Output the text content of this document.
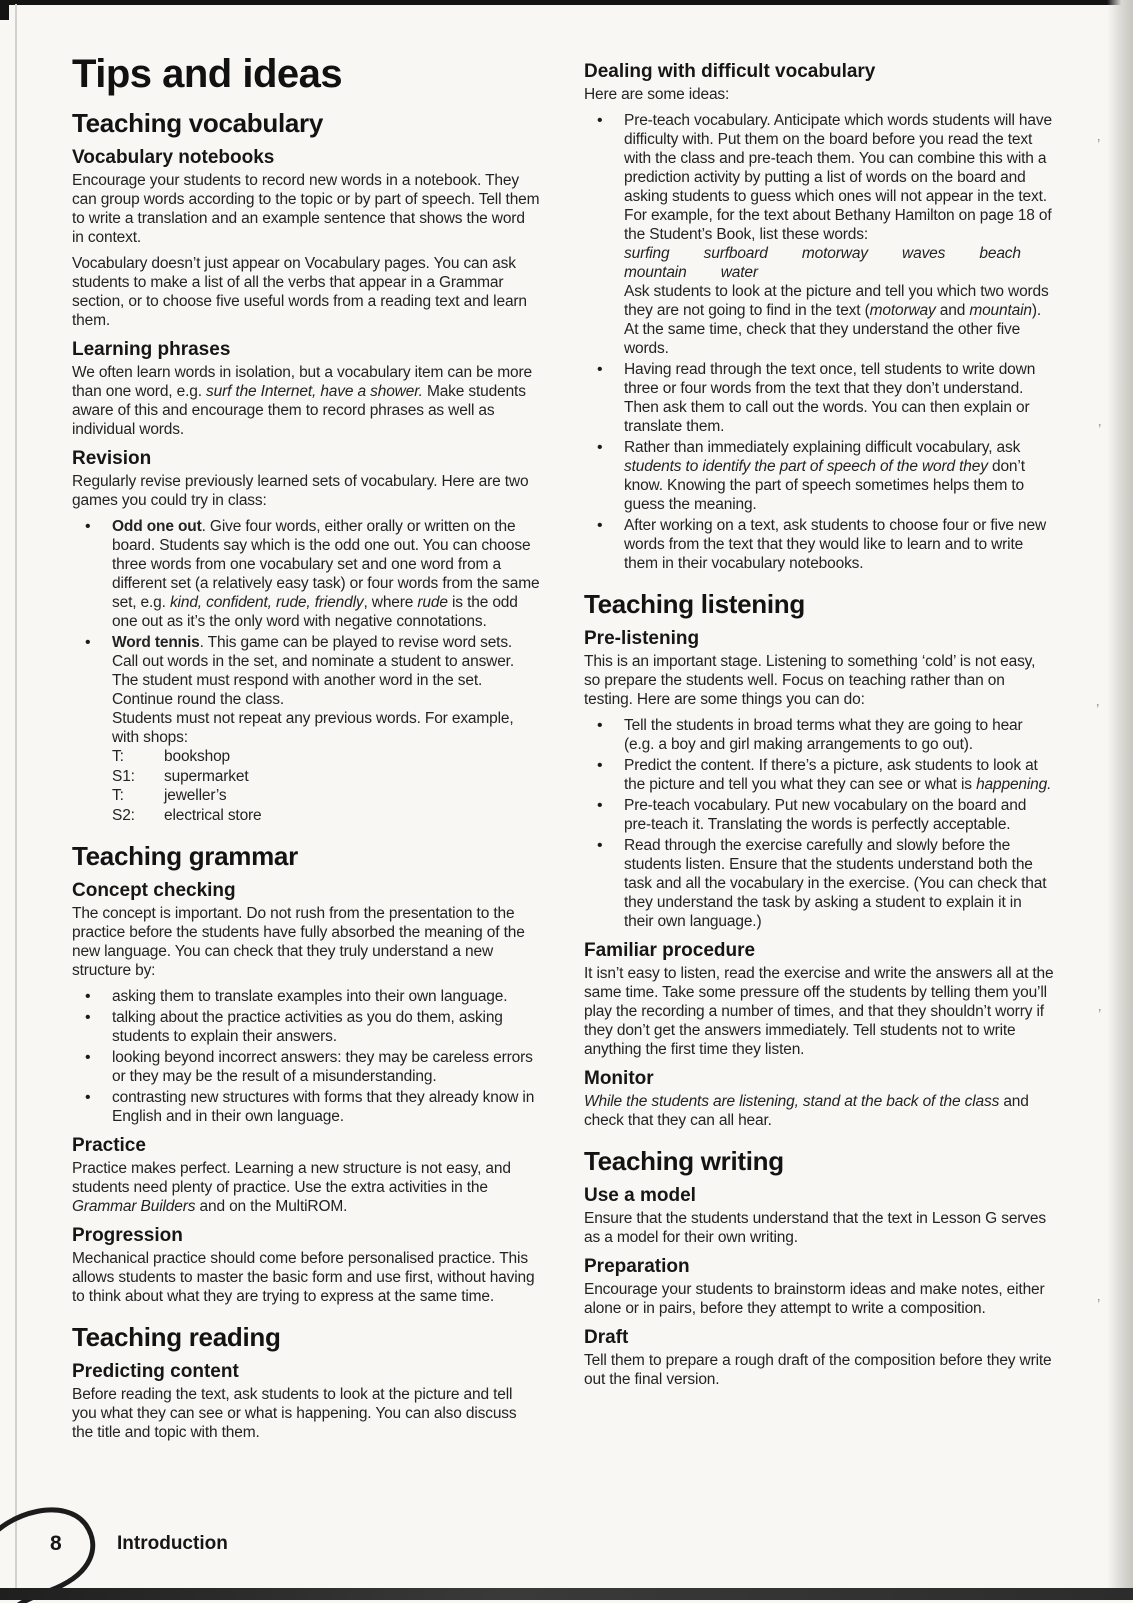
Tips and ideas
Teaching vocabulary
Vocabulary notebooks

Encourage your students to record new words in a notebook. They can group words according to the topic or by part of speech. Tell them to write a translation and an example sentence that shows the word in context.

Vocabulary doesn’t just appear on Vocabulary pages. You can ask students to make a list of all the verbs that appear in a Grammar section, or to choose five useful words from a reading text and learn them.

Learning phrases

We often learn words in isolation, but a vocabulary item can be more than one word, e.g. surf the Internet, have a shower. Make students aware of this and encourage them to record phrases as well as individual words.

Revision

Regularly revise previously learned sets of vocabulary. Here are two games you could try in class:

• Odd one out. Give four words, either orally or written on the board. Students say which is the odd one out. You can choose three words from one vocabulary set and one word from a different set (a relatively easy task) or four words from the same set, e.g. kind, confident, rude, friendly, where rude is the odd one out as it’s the only word with negative connotations.
• Word tennis. This game can be played to revise word sets. Call out words in the set, and nominate a student to answer. The student must respond with another word in the set. Continue round the class.

Students must not repeat any previous words. For example, with shops:

T:	bookshop
S1:	supermarket
T:	jeweller’s
S2:	electrical store
Teaching grammar
Concept checking

The concept is important. Do not rush from the presentation to the practice before the students have fully absorbed the meaning of the new language. You can check that they truly understand a new structure by:

• asking them to translate examples into their own language.
• talking about the practice activities as you do them, asking students to explain their answers.
• looking beyond incorrect answers: they may be careless errors or they may be the result of a misunderstanding.
• contrasting new structures with forms that they already know in English and in their own language.
Practice

Practice makes perfect. Learning a new structure is not easy, and students need plenty of practice. Use the extra activities in the Grammar Builders and on the MultiROM.

Progression

Mechanical practice should come before personalised practice. This allows students to master the basic form and use first, without having to think about what they are trying to express at the same time.

Teaching reading
Predicting content

Before reading the text, ask students to look at the picture and tell you what they can see or what is happening. You can also discuss the title and topic with them.

Dealing with difficult vocabulary

Here are some ideas:

• Pre-teach vocabulary. Anticipate which words students will have difficulty with. Put them on the board before you read the text with the class and pre-teach them. You can combine this with a prediction activity by putting a list of words on the board and asking students to guess which ones will not appear in the text. For example, for the text about Bethany Hamilton on page 18 of the Student’s Book, list these words:

surfing surfboard motorway waves beach mountain water

Ask students to look at the picture and tell you which two words they are not going to find in the text (motorway and mountain). At the same time, check that they understand the other five words.

• Having read through the text once, tell students to write down three or four words from the text that they don’t understand. Then ask them to call out the words. You can then explain or translate them.
• Rather than immediately explaining difficult vocabulary, ask students to identify the part of speech of the word they don’t know. Knowing the part of speech sometimes helps them to guess the meaning.
• After working on a text, ask students to choose four or five new words from the text that they would like to learn and to write them in their vocabulary notebooks.
Teaching listening
Pre-listening

This is an important stage. Listening to something ‘cold’ is not easy, so prepare the students well. Focus on teaching rather than on testing. Here are some things you can do:

• Tell the students in broad terms what they are going to hear (e.g. a boy and girl making arrangements to go out).
• Predict the content. If there’s a picture, ask students to look at the picture and tell you what they can see or what is happening.
• Pre-teach vocabulary. Put new vocabulary on the board and pre-teach it. Translating the words is perfectly acceptable.
• Read through the exercise carefully and slowly before the students listen. Ensure that the students understand both the task and all the vocabulary in the exercise. (You can check that they understand the task by asking a student to explain it in their own language.)
Familiar procedure

It isn’t easy to listen, read the exercise and write the answers all at the same time. Take some pressure off the students by telling them you’ll play the recording a number of times, and that they shouldn’t worry if they don’t get the answers immediately. Tell students not to write anything the first time they listen.

Monitor

While the students are listening, stand at the back of the class and check that they can all hear.

Teaching writing
Use a model

Ensure that the students understand that the text in Lesson G serves as a model for their own writing.

Preparation

Encourage your students to brainstorm ideas and make notes, either alone or in pairs, before they attempt to write a composition.

Draft

Tell them to prepare a rough draft of the composition before they write out the final version.

’
’
’
’
’
8	Introduction
